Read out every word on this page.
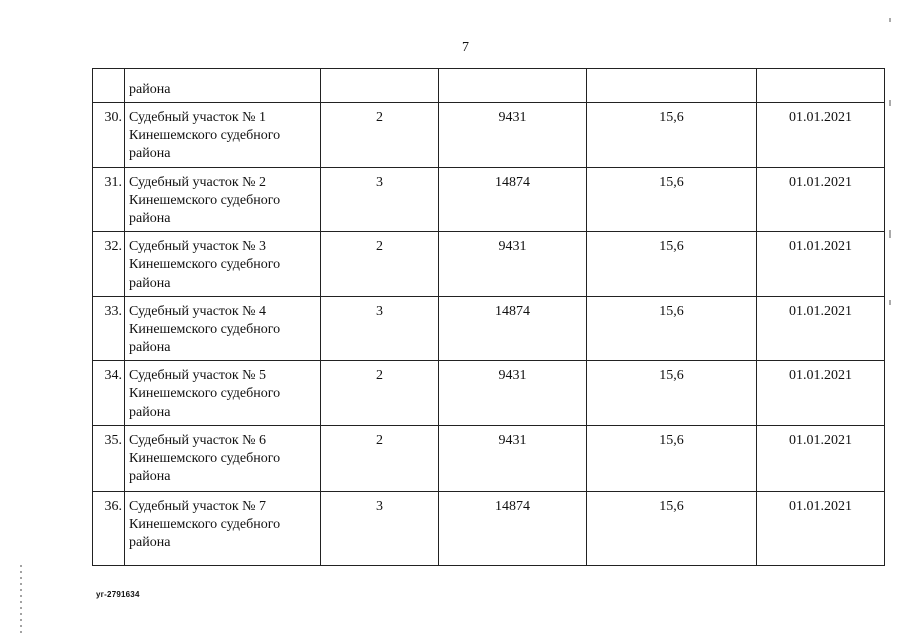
7
	района				
30.	Судебный участок № 1 Кинешемского судебного района	2	9431	15,6	01.01.2021
31.	Судебный участок № 2 Кинешемского судебного района	3	14874	15,6	01.01.2021
32.	Судебный участок № 3 Кинешемского судебного района	2	9431	15,6	01.01.2021
33.	Судебный участок № 4 Кинешемского судебного района	3	14874	15,6	01.01.2021
34.	Судебный участок № 5 Кинешемского судебного района	2	9431	15,6	01.01.2021
35.	Судебный участок № 6 Кинешемского судебного района	2	9431	15,6	01.01.2021
36.	Судебный участок № 7 Кинешемского судебного района	3	14874	15,6	01.01.2021
уг-2791634
